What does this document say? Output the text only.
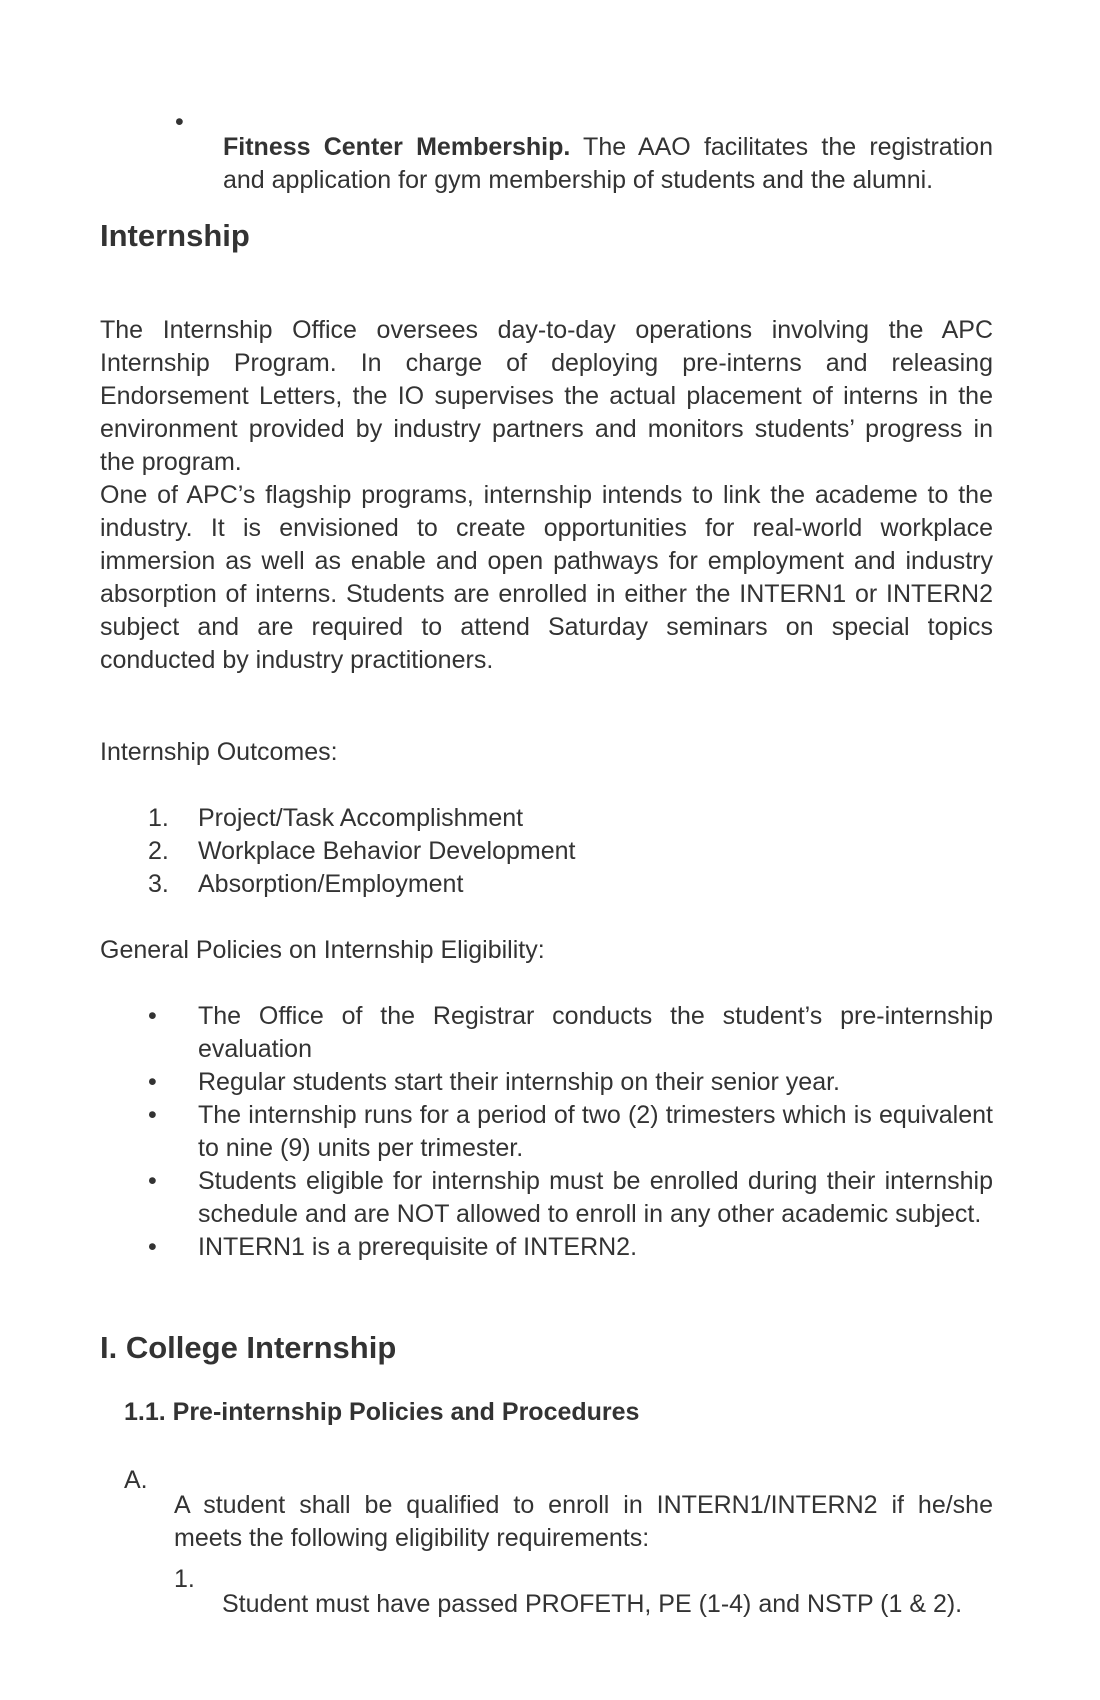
•

Fitness Center Membership. The AAO facilitates the registration and application for gym membership of students and the alumni.

Internship

The Internship Office oversees day-to-day operations involving the APC Internship Program. In charge of deploying pre-interns and releasing Endorsement Letters, the IO supervises the actual placement of interns in the environment provided by industry partners and monitors students’ progress in the program.

One of APC’s flagship programs, internship intends to link the academe to the industry. It is envisioned to create opportunities for real-world workplace immersion as well as enable and open pathways for employment and industry absorption of interns. Students are enrolled in either the INTERN1 or INTERN2 subject and are required to attend Saturday seminars on special topics conducted by industry practitioners.

Internship Outcomes:

1. Project/Task Accomplishment
2. Workplace Behavior Development
3. Absorption/Employment

General Policies on Internship Eligibility:

• The Office of the Registrar conducts the student’s pre-internship evaluation
• Regular students start their internship on their senior year.
• The internship runs for a period of two (2) trimesters which is equivalent to nine (9) units per trimester.
• Students eligible for internship must be enrolled during their internship schedule and are NOT allowed to enroll in any other academic subject.
• INTERN1 is a prerequisite of INTERN2.
I. College Internship
1.1. Pre-internship Policies and Procedures
A.

A student shall be qualified to enroll in INTERN1/INTERN2 if he/she meets the following eligibility requirements:

1.

Student must have passed PROFETH, PE (1-4) and NSTP (1 & 2).
